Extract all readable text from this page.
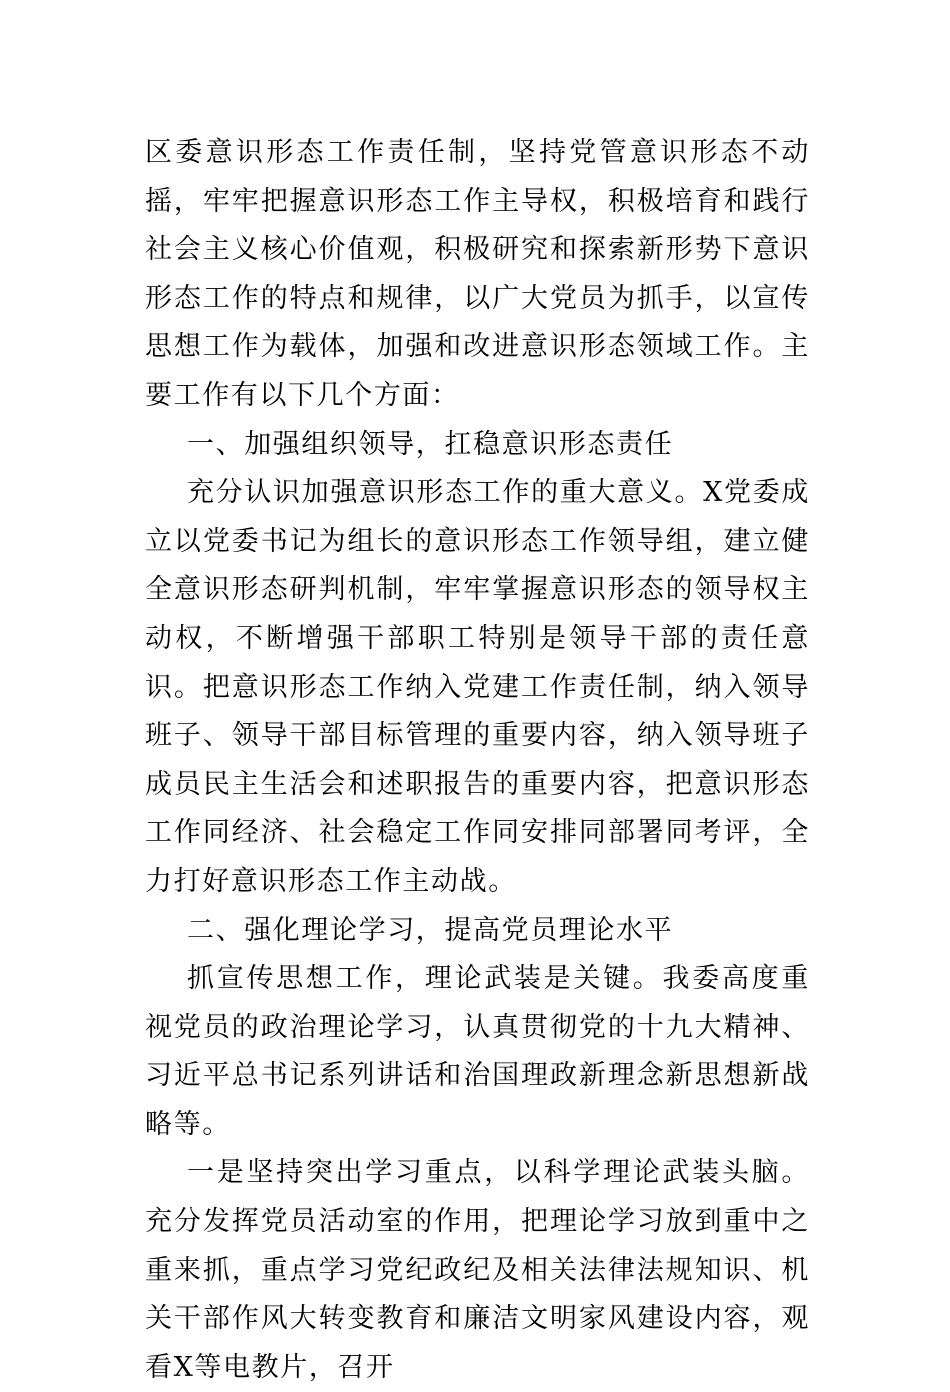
区委意识形态工作责任制，坚持党管意识形态不动摇，牢牢把握意识形态工作主导权，积极培育和践行社会主义核心价值观，积极研究和探索新形势下意识形态工作的特点和规律，以广大党员为抓手，以宣传思想工作为载体，加强和改进意识形态领域工作。主要工作有以下几个方面：

一、加强组织领导，扛稳意识形态责任

充分认识加强意识形态工作的重大意义。X党委成立以党委书记为组长的意识形态工作领导组，建立健全意识形态研判机制，牢牢掌握意识形态的领导权主动权，不断增强干部职工特别是领导干部的责任意识。把意识形态工作纳入党建工作责任制，纳入领导班子、领导干部目标管理的重要内容，纳入领导班子成员民主生活会和述职报告的重要内容，把意识形态工作同经济、社会稳定工作同安排同部署同考评，全力打好意识形态工作主动战。

二、强化理论学习，提高党员理论水平

抓宣传思想工作，理论武装是关键。我委高度重视党员的政治理论学习，认真贯彻党的十九大精神、习近平总书记系列讲话和治国理政新理念新思想新战略等。

一是坚持突出学习重点，以科学理论武装头脑。充分发挥党员活动室的作用，把理论学习放到重中之重来抓，重点学习党纪政纪及相关法律法规知识、机关干部作风大转变教育和廉洁文明家风建设内容，观看X等电教片，召开
